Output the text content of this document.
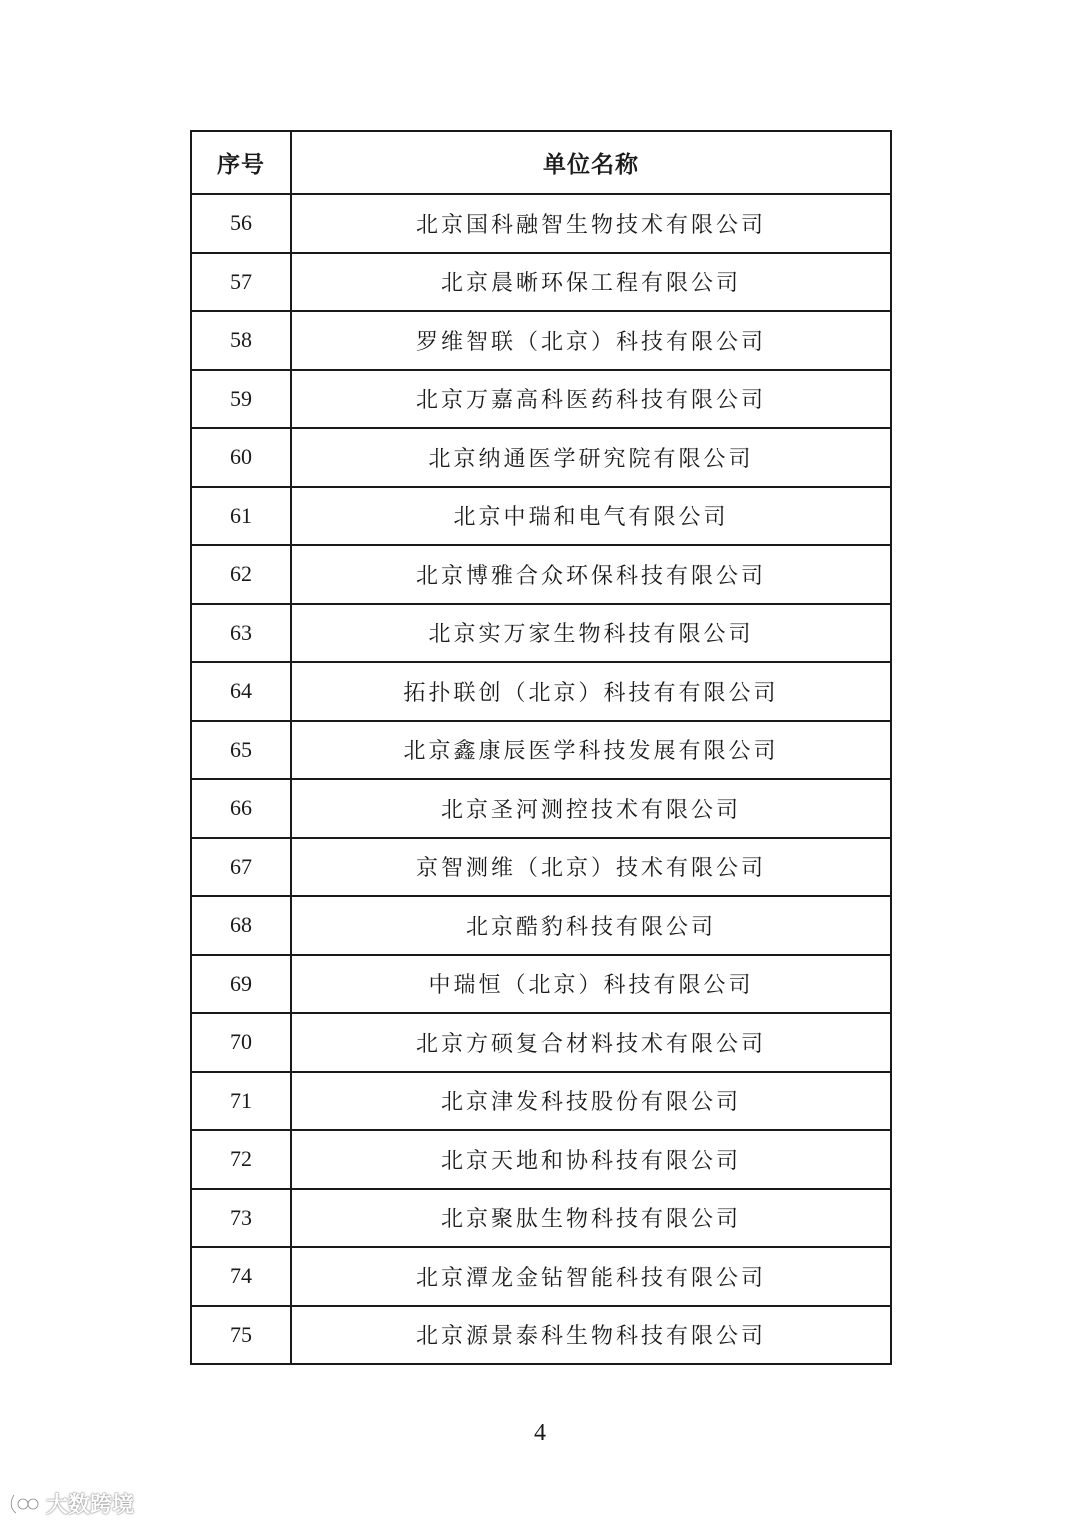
序号	单位名称
56	北京国科融智生物技术有限公司
57	北京晨晰环保工程有限公司
58	罗维智联（北京）科技有限公司
59	北京万嘉高科医药科技有限公司
60	北京纳通医学研究院有限公司
61	北京中瑞和电气有限公司
62	北京博雅合众环保科技有限公司
63	北京实万家生物科技有限公司
64	拓扑联创（北京）科技有有限公司
65	北京鑫康辰医学科技发展有限公司
66	北京圣河测控技术有限公司
67	京智测维（北京）技术有限公司
68	北京酷豹科技有限公司
69	中瑞恒（北京）科技有限公司
70	北京方硕复合材料技术有限公司
71	北京津发科技股份有限公司
72	北京天地和协科技有限公司
73	北京聚肽生物科技有限公司
74	北京潭龙金钻智能科技有限公司
75	北京源景泰科生物科技有限公司
4
大数跨境
